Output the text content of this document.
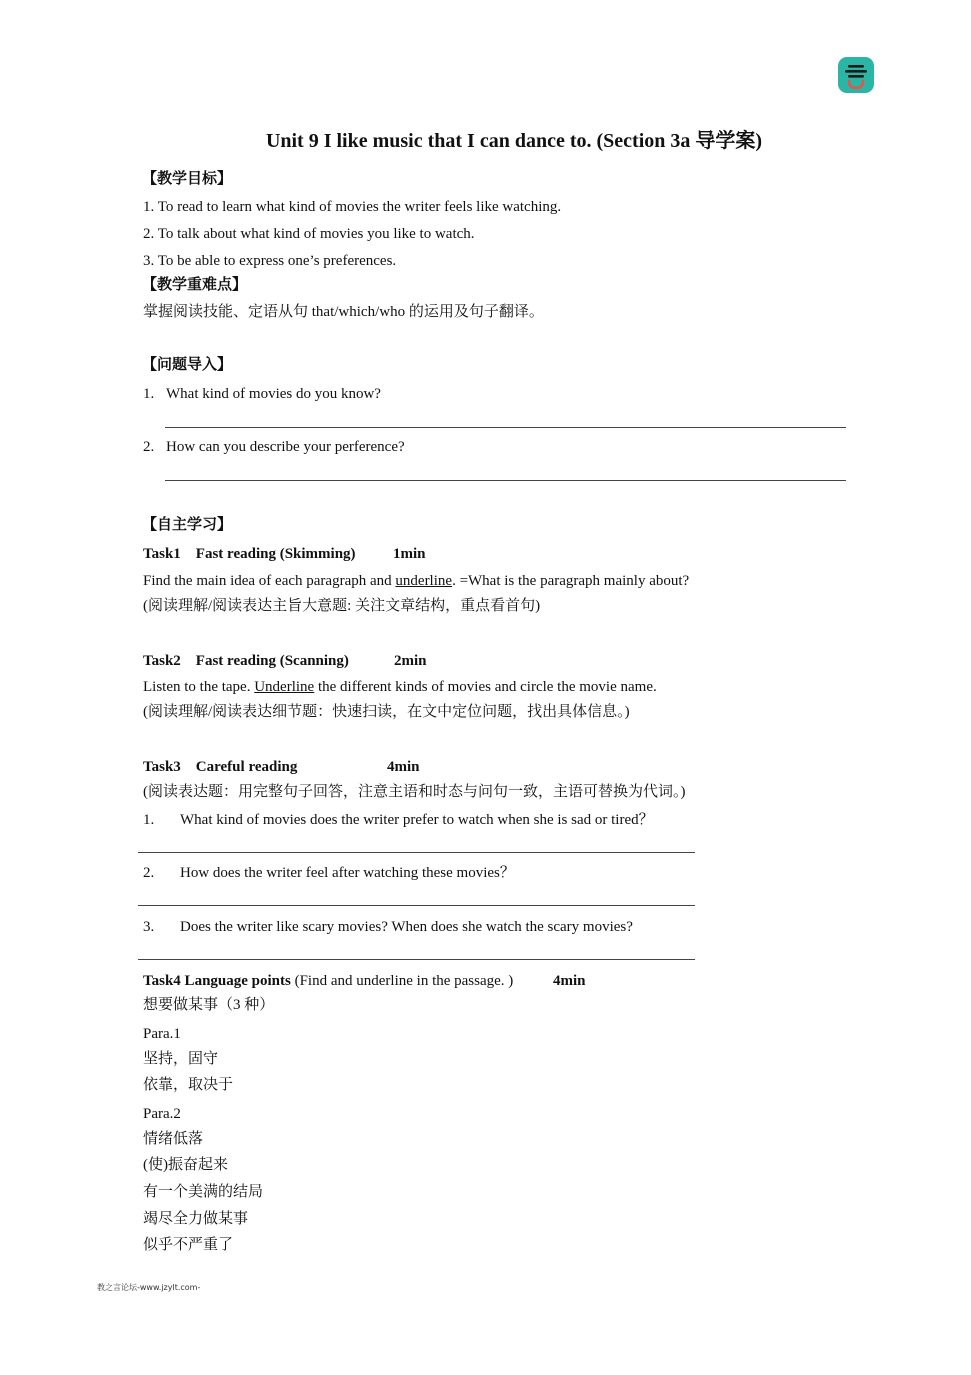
Unit 9 I like music that I can dance to. (Section 3a 导学案)
【教学目标】
1. To read to learn what kind of movies the writer feels like watching.
2. To talk about what kind of movies you like to watch.
3. To be able to express one’s preferences.
【教学重难点】
掌握阅读技能、定语从句 that/which/who 的运用及句子翻译。
【问题导入】
1. What kind of movies do you know?
2. How can you describe your perference?
【自主学习】
Task1    Fast reading (Skimming) 1min
Find the main idea of each paragraph and underline. =What is the paragraph mainly about?
(阅读理解/阅读表达主旨大意题: 关注文章结构，重点看首句)
Task2    Fast reading (Scanning)	2min
Listen to the tape. Underline the different kinds of movies and circle the movie name.
(阅读理解/阅读表达细节题：快速扫读，在文中定位问题，找出具体信息。)
Task3    Careful reading	4min
(阅读表达题：用完整句子回答，注意主语和时态与问句一致，主语可替换为代词。)
1. What kind of movies does the writer prefer to watch when she is sad or tired？
2. How does the writer feel after watching these movies？
3. Does the writer like scary movies? When does she watch the scary movies?
Task4 Language points (Find and underline in the passage. )	4min
想要做某事（3 种）
Para.1
坚持，固守
依靠，取决于
Para.2
情绪低落
(使)振奋起来
有一个美满的结局
竭尽全力做某事
似乎不严重了
教之言论坛-www.jzylt.com-
